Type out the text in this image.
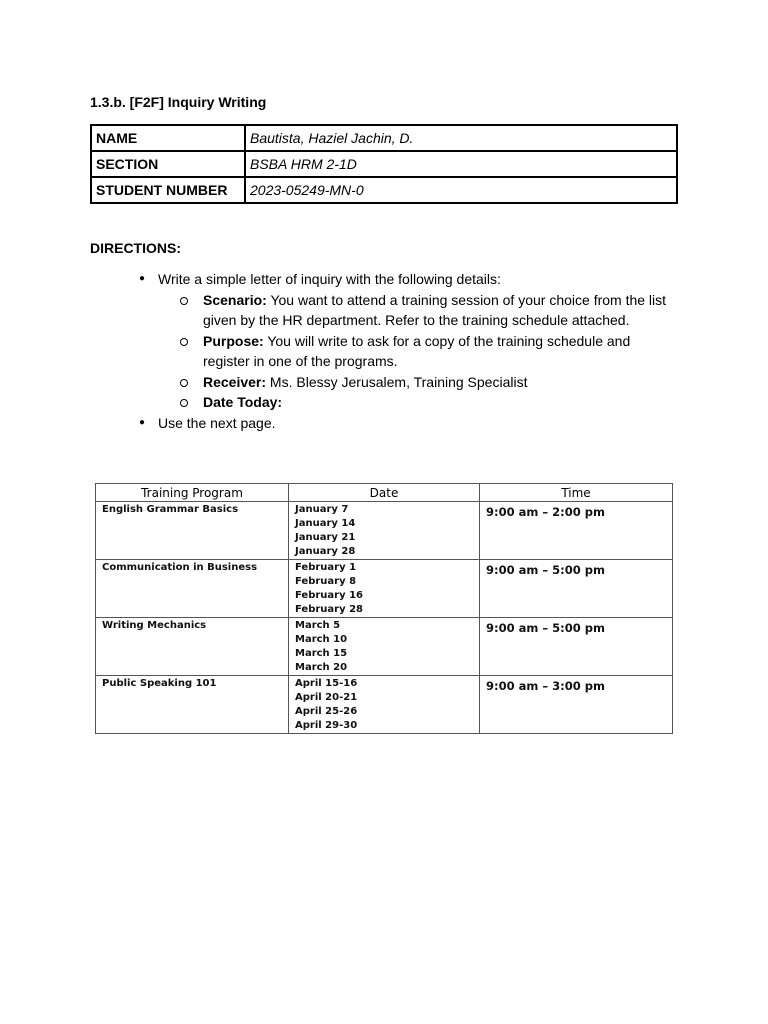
1.3.b. [F2F] Inquiry Writing
NAME	Bautista, Haziel Jachin, D.
SECTION	BSBA HRM 2-1D
STUDENT NUMBER	2023-05249-MN-0
DIRECTIONS:
● Write a simple letter of inquiry with the following details:
Scenario: You want to attend a training session of your choice from the list given by the HR department. Refer to the training schedule attached.
Purpose: You will write to ask for a copy of the training schedule and register in one of the programs.
Receiver: Ms. Blessy Jerusalem, Training Specialist
Date Today:
● Use the next page.
Training Program	Date	Time
English Grammar Basics	January 7
January 14
January 21
January 28	9:00 am – 2:00 pm
Communication in Business	February 1
February 8
February 16
February 28	9:00 am – 5:00 pm
Writing Mechanics	March 5
March 10
March 15
March 20	9:00 am – 5:00 pm
Public Speaking 101	April 15-16
April 20-21
April 25-26
April 29-30	9:00 am – 3:00 pm
